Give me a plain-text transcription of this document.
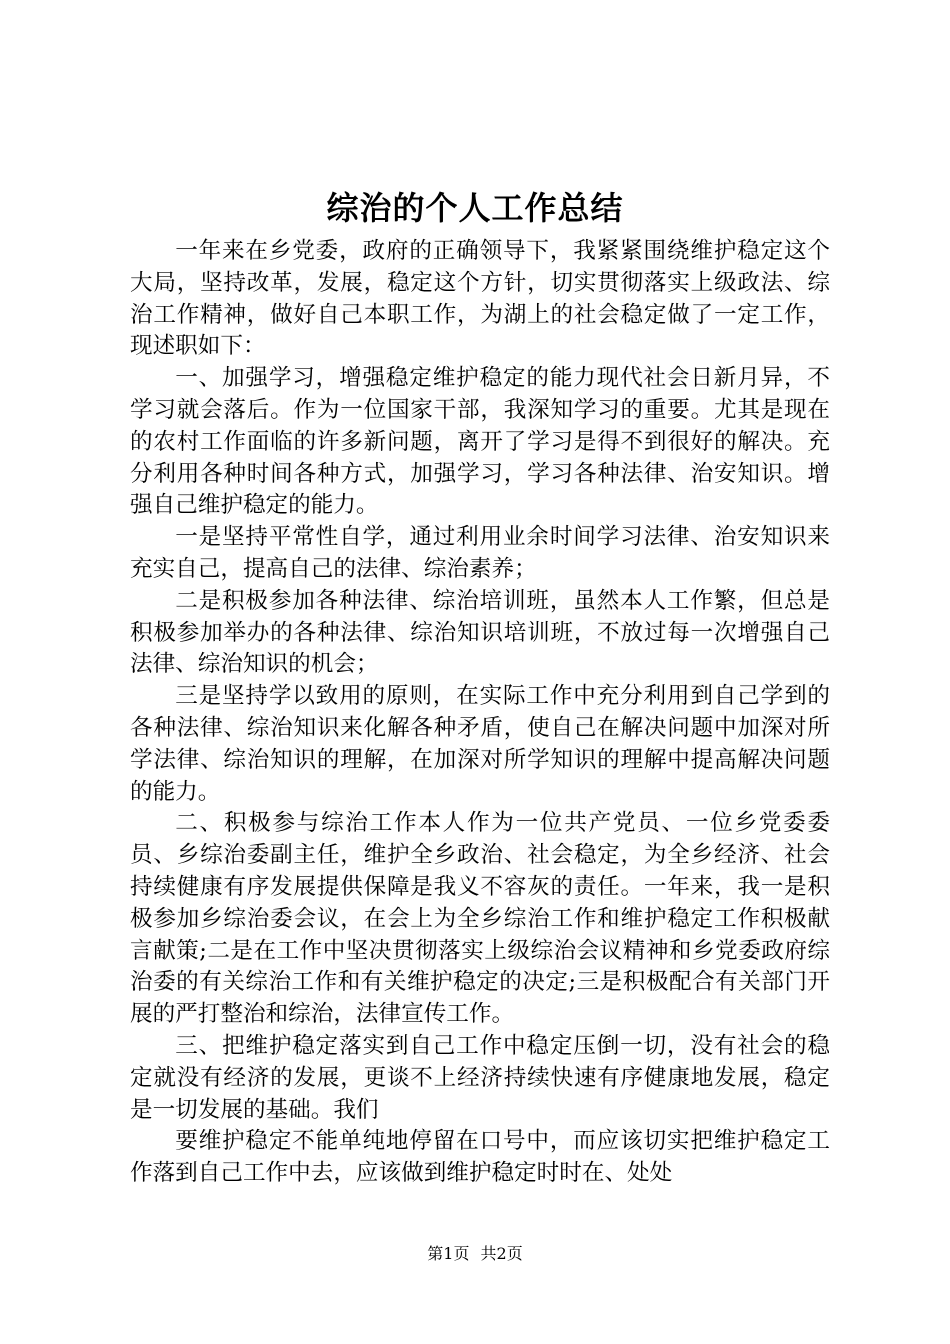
综治的个人工作总结

一年来在乡党委，政府的正确领导下，我紧紧围绕维护稳定这个大局，坚持改革，发展，稳定这个方针，切实贯彻落实上级政法、综治工作精神，做好自己本职工作，为湖上的社会稳定做了一定工作，现述职如下：

一、加强学习，增强稳定维护稳定的能力现代社会日新月异，不学习就会落后。作为一位国家干部，我深知学习的重要。尤其是现在的农村工作面临的许多新问题，离开了学习是得不到很好的解决。充分利用各种时间各种方式，加强学习，学习各种法律、治安知识。增强自己维护稳定的能力。

一是坚持平常性自学，通过利用业余时间学习法律、治安知识来充实自己，提高自己的法律、综治素养；

二是积极参加各种法律、综治培训班，虽然本人工作繁，但总是积极参加举办的各种法律、综治知识培训班，不放过每一次增强自己法律、综治知识的机会；

三是坚持学以致用的原则，在实际工作中充分利用到自己学到的各种法律、综治知识来化解各种矛盾，使自己在解决问题中加深对所学法律、综治知识的理解，在加深对所学知识的理解中提高解决问题的能力。

二、积极参与综治工作本人作为一位共产党员、一位乡党委委员、乡综治委副主任，维护全乡政治、社会稳定，为全乡经济、社会持续健康有序发展提供保障是我义不容灰的责任。一年来，我一是积极参加乡综治委会议，在会上为全乡综治工作和维护稳定工作积极献言献策;二是在工作中坚决贯彻落实上级综治会议精神和乡党委政府综治委的有关综治工作和有关维护稳定的决定;三是积极配合有关部门开展的严打整治和综治，法律宣传工作。

三、把维护稳定落实到自己工作中稳定压倒一切，没有社会的稳定就没有经济的发展，更谈不上经济持续快速有序健康地发展，稳定是一切发展的基础。我们

要维护稳定不能单纯地停留在口号中，而应该切实把维护稳定工作落到自己工作中去，应该做到维护稳定时时在、处处

第1页 共2页
